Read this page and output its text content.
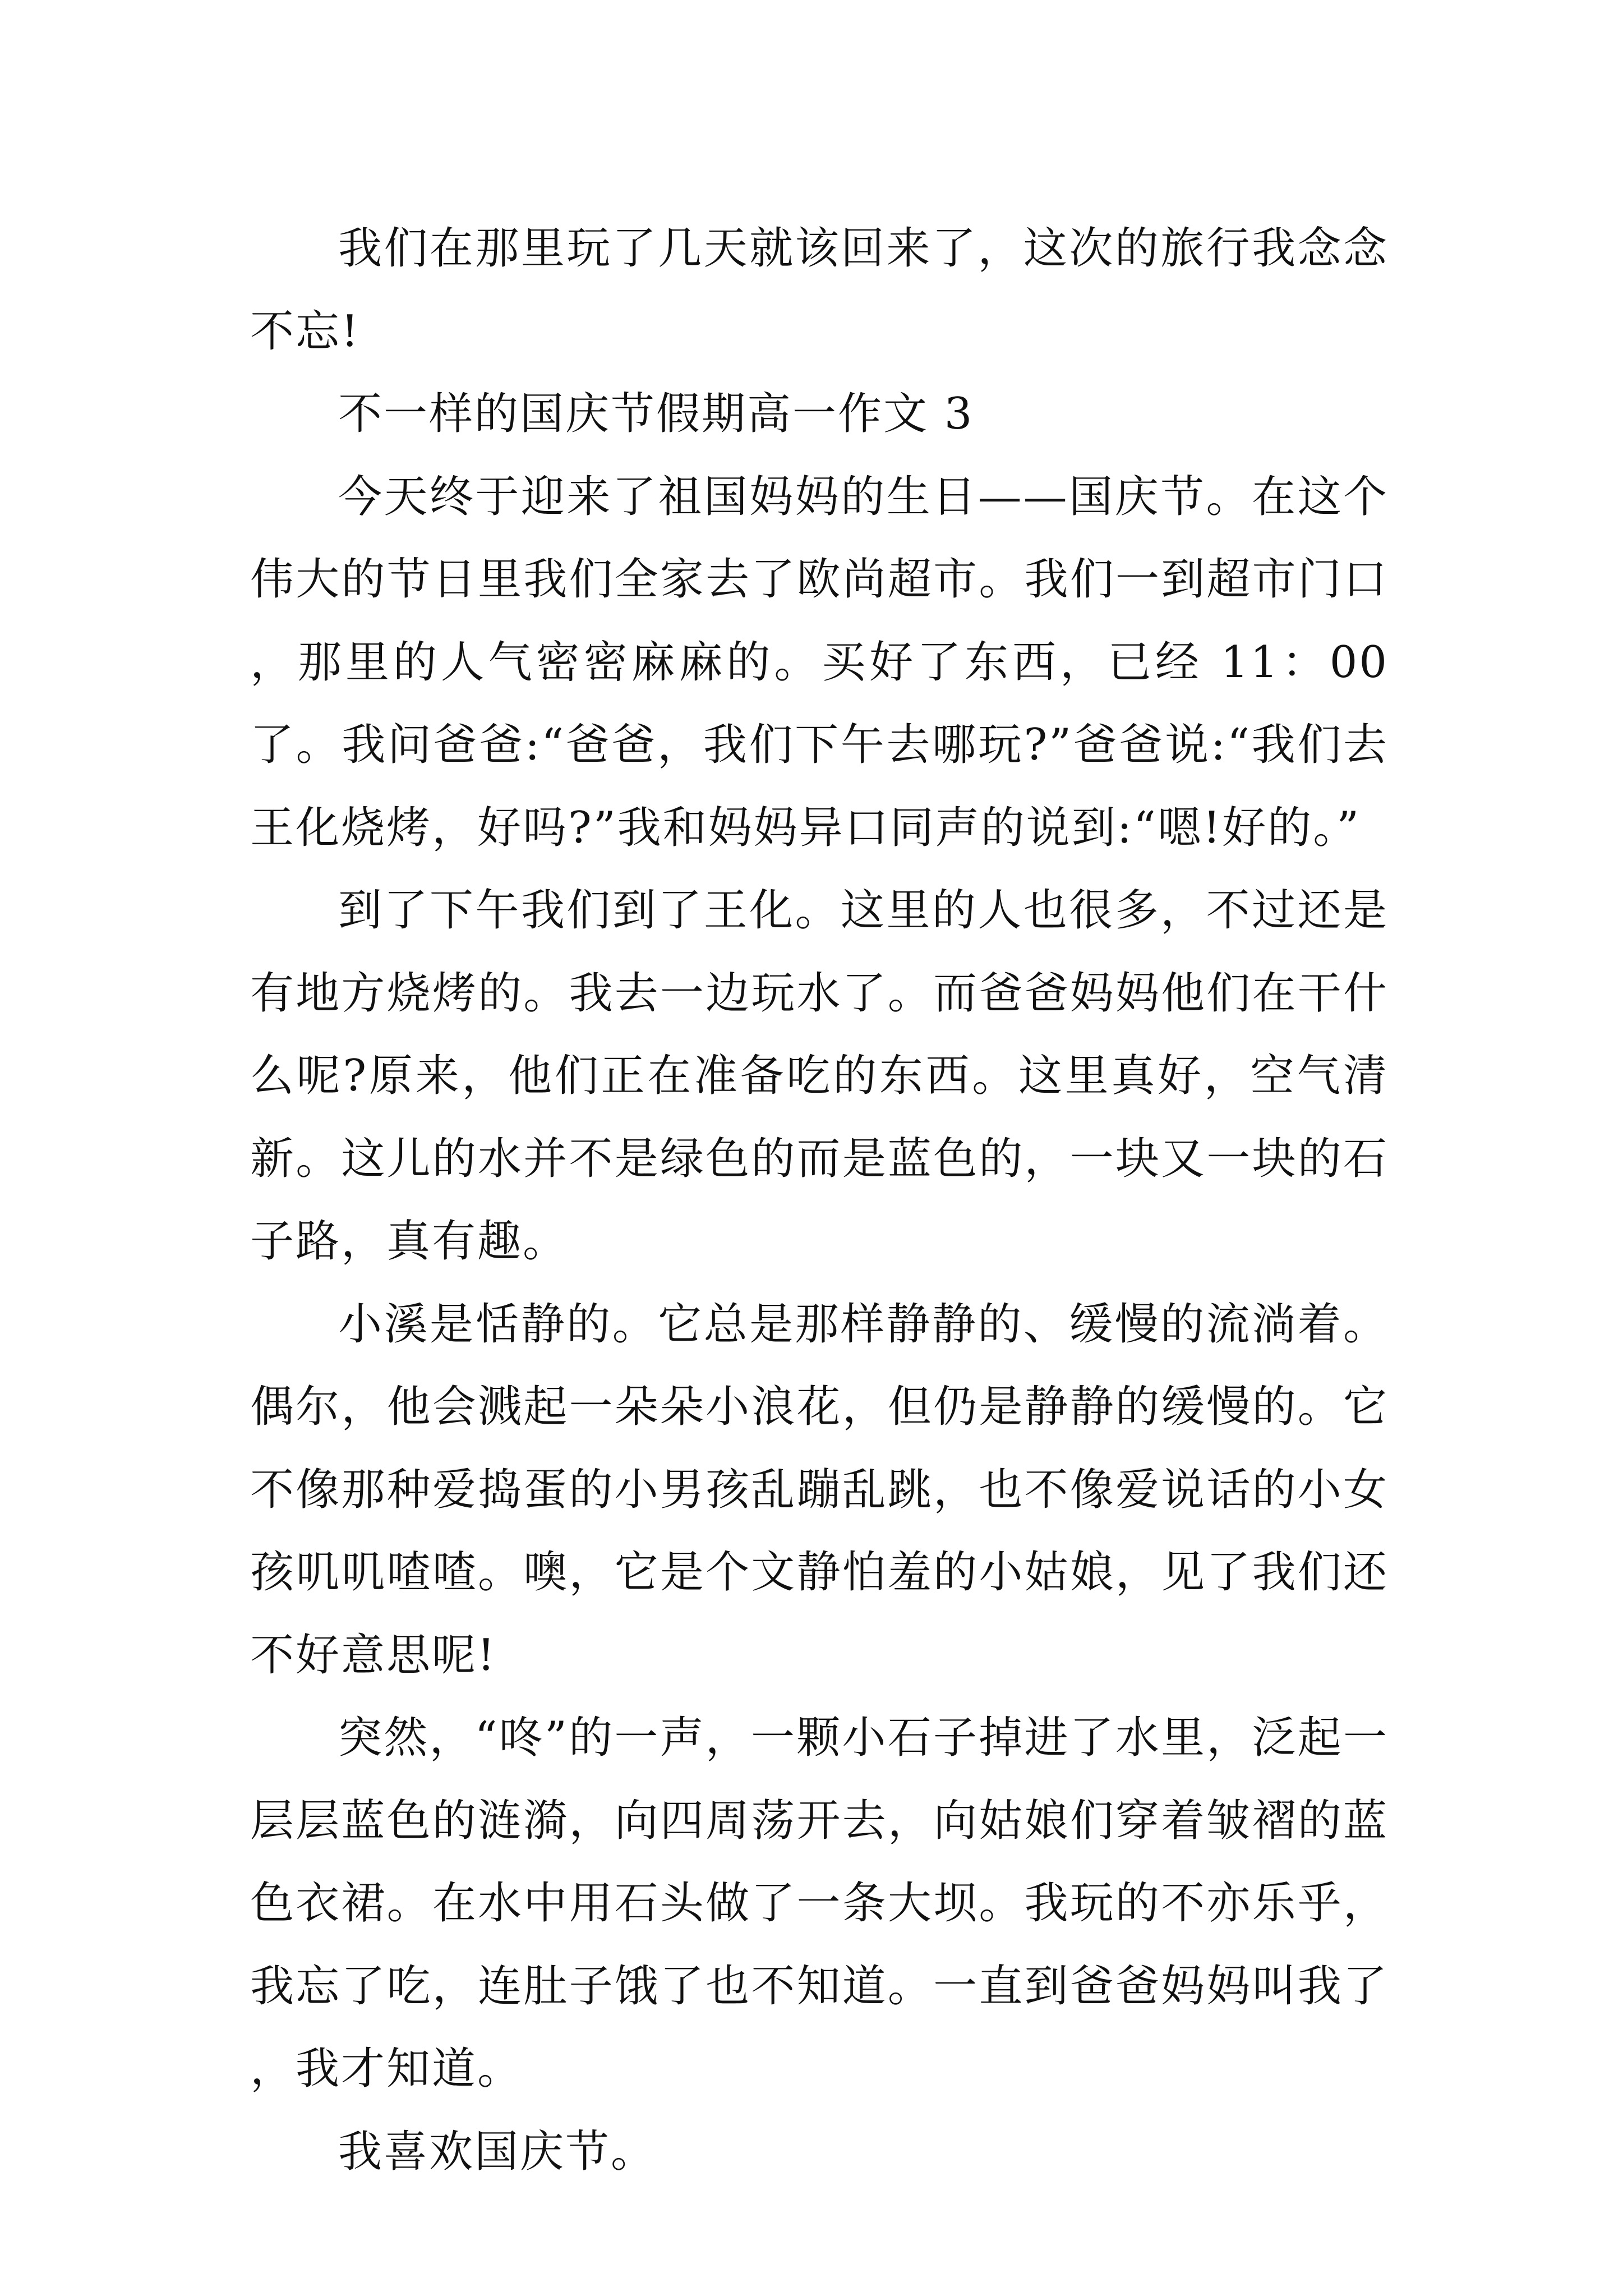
我们在那里玩了几天就该回来了，这次的旅行我念念不忘!

不一样的国庆节假期高一作文 3

今天终于迎来了祖国妈妈的生日——国庆节。在这个伟大的节日里我们全家去了欧尚超市。我们一到超市门口，那里的人气密密麻麻的。买好了东西，已经 11：00 了。我问爸爸:“爸爸，我们下午去哪玩?”爸爸说:“我们去王化烧烤，好吗?”我和妈妈异口同声的说到:“嗯!好的。”

到了下午我们到了王化。这里的人也很多，不过还是有地方烧烤的。我去一边玩水了。而爸爸妈妈他们在干什么呢?原来，他们正在准备吃的东西。这里真好，空气清新。这儿的水并不是绿色的而是蓝色的，一块又一块的石子路，真有趣。

小溪是恬静的。它总是那样静静的、缓慢的流淌着。偶尔，他会溅起一朵朵小浪花，但仍是静静的缓慢的。它不像那种爱捣蛋的小男孩乱蹦乱跳，也不像爱说话的小女孩叽叽喳喳。噢，它是个文静怕羞的小姑娘，见了我们还不好意思呢!

突然，“咚”的一声，一颗小石子掉进了水里，泛起一层层蓝色的涟漪，向四周荡开去，向姑娘们穿着皱褶的蓝色衣裙。在水中用石头做了一条大坝。我玩的不亦乐乎，我忘了吃，连肚子饿了也不知道。一直到爸爸妈妈叫我了，我才知道。

我喜欢国庆节。
